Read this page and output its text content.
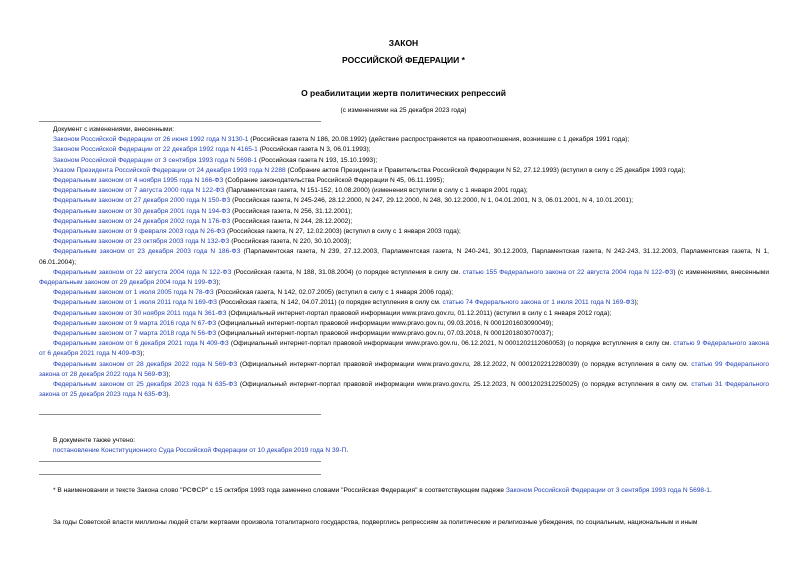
ЗАКОН
РОССИЙСКОЙ ФЕДЕРАЦИИ *
О реабилитации жертв политических репрессий
(с изменениями на 25 декабря 2023 года)

Документ с изменениями, внесенными:

Законом Российской Федерации от 26 июня 1992 года N 3130-1 (Российская газета N 186, 20.08.1992) (действие распространяется на правоотношения, возникшие с 1 декабря 1991 года);

Законом Российской Федерации от 22 декабря 1992 года N 4165-1 (Российская газета N 3, 06.01.1993);

Законом Российской Федерации от 3 сентября 1993 года N 5698-1 (Российская газета N 193, 15.10.1993);

Указом Президента Российской Федерации от 24 декабря 1993 года N 2288 (Собрание актов Президента и Правительства Российской Федерации N 52, 27.12.1993) (вступил в силу с 25 декабря 1993 года);

Федеральным законом от 4 ноября 1995 года N 166-ФЗ (Собрание законодательства Российской Федерации N 45, 06.11.1995);

Федеральным законом от 7 августа 2000 года N 122-ФЗ (Парламентская газета, N 151-152, 10.08.2000) (изменения вступили в силу с 1 января 2001 года);

Федеральным законом от 27 декабря 2000 года N 150-ФЗ (Российская газета, N 245-246, 28.12.2000, N 247, 29.12.2000, N 248, 30.12.2000, N 1, 04.01.2001, N 3, 06.01.2001, N 4, 10.01.2001);

Федеральным законом от 30 декабря 2001 года N 194-ФЗ (Российская газета, N 256, 31.12.2001);

Федеральным законом от 24 декабря 2002 года N 176-ФЗ (Российская газета, N 244, 28.12.2002);

Федеральным законом от 9 февраля 2003 года N 26-ФЗ (Российская газета, N 27, 12.02.2003) (вступил в силу с 1 января 2003 года);

Федеральным законом от 23 октября 2003 года N 132-ФЗ (Российская газета, N 220, 30.10.2003);

Федеральным законом от 23 декабря 2003 года N 186-ФЗ (Парламентская газета, N 239, 27.12.2003, Парламентская газета, N 240-241, 30.12.2003, Парламентская газета, N 242-243, 31.12.2003, Парламентская газета, N 1, 06.01.2004);

Федеральным законом от 22 августа 2004 года N 122-ФЗ (Российская газета, N 188, 31.08.2004) (о порядке вступления в силу см. статью 155 Федерального закона от 22 августа 2004 года N 122-ФЗ) (с изменениями, внесенными Федеральным законом от 29 декабря 2004 года N 199-ФЗ);

Федеральным законом от 1 июля 2005 года N 78-ФЗ (Российская газета, N 142, 02.07.2005) (вступил в силу с 1 января 2006 года);

Федеральным законом от 1 июля 2011 года N 169-ФЗ (Российская газета, N 142, 04.07.2011) (о порядке вступления в силу см. статью 74 Федерального закона от 1 июля 2011 года N 169-ФЗ);

Федеральным законом от 30 ноября 2011 года N 361-ФЗ (Официальный интернет-портал правовой информации www.pravo.gov.ru, 01.12.2011) (вступил в силу с 1 января 2012 года);

Федеральным законом от 9 марта 2016 года N 67-ФЗ (Официальный интернет-портал правовой информации www.pravo.gov.ru, 09.03.2016, N 0001201603090049);

Федеральным законом от 7 марта 2018 года N 56-ФЗ (Официальный интернет-портал правовой информации www.pravo.gov.ru, 07.03.2018, N 0001201803070037);

Федеральным законом от 6 декабря 2021 года N 409-ФЗ (Официальный интернет-портал правовой информации www.pravo.gov.ru, 06.12.2021, N 0001202112060053) (о порядке вступления в силу см. статью 9 Федерального закона от 6 декабря 2021 года N 409-ФЗ);

Федеральным законом от 28 декабря 2022 года N 569-ФЗ (Официальный интернет-портал правовой информации www.pravo.gov.ru, 28.12.2022, N 0001202212280039) (о порядке вступления в силу см. статью 99 Федерального закона от 28 декабря 2022 года N 569-ФЗ);

Федеральным законом от 25 декабря 2023 года N 635-ФЗ (Официальный интернет-портал правовой информации www.pravo.gov.ru, 25.12.2023, N 0001202312250025) (о порядке вступления в силу см. статью 31 Федерального закона от 25 декабря 2023 года N 635-ФЗ).

В документе также учтено:

постановление Конституционного Суда Российской Федерации от 10 декабря 2019 года N 39-П.

* В наименовании и тексте Закона слово "РСФСР" с 15 октября 1993 года заменено словами "Российская Федерация" в соответствующем падеже Законом Российской Федерации от 3 сентября 1993 года N 5698-1.

За годы Советской власти миллионы людей стали жертвами произвола тоталитарного государства, подверглись репрессиям за политические и религиозные убеждения, по социальным, национальным и иным
